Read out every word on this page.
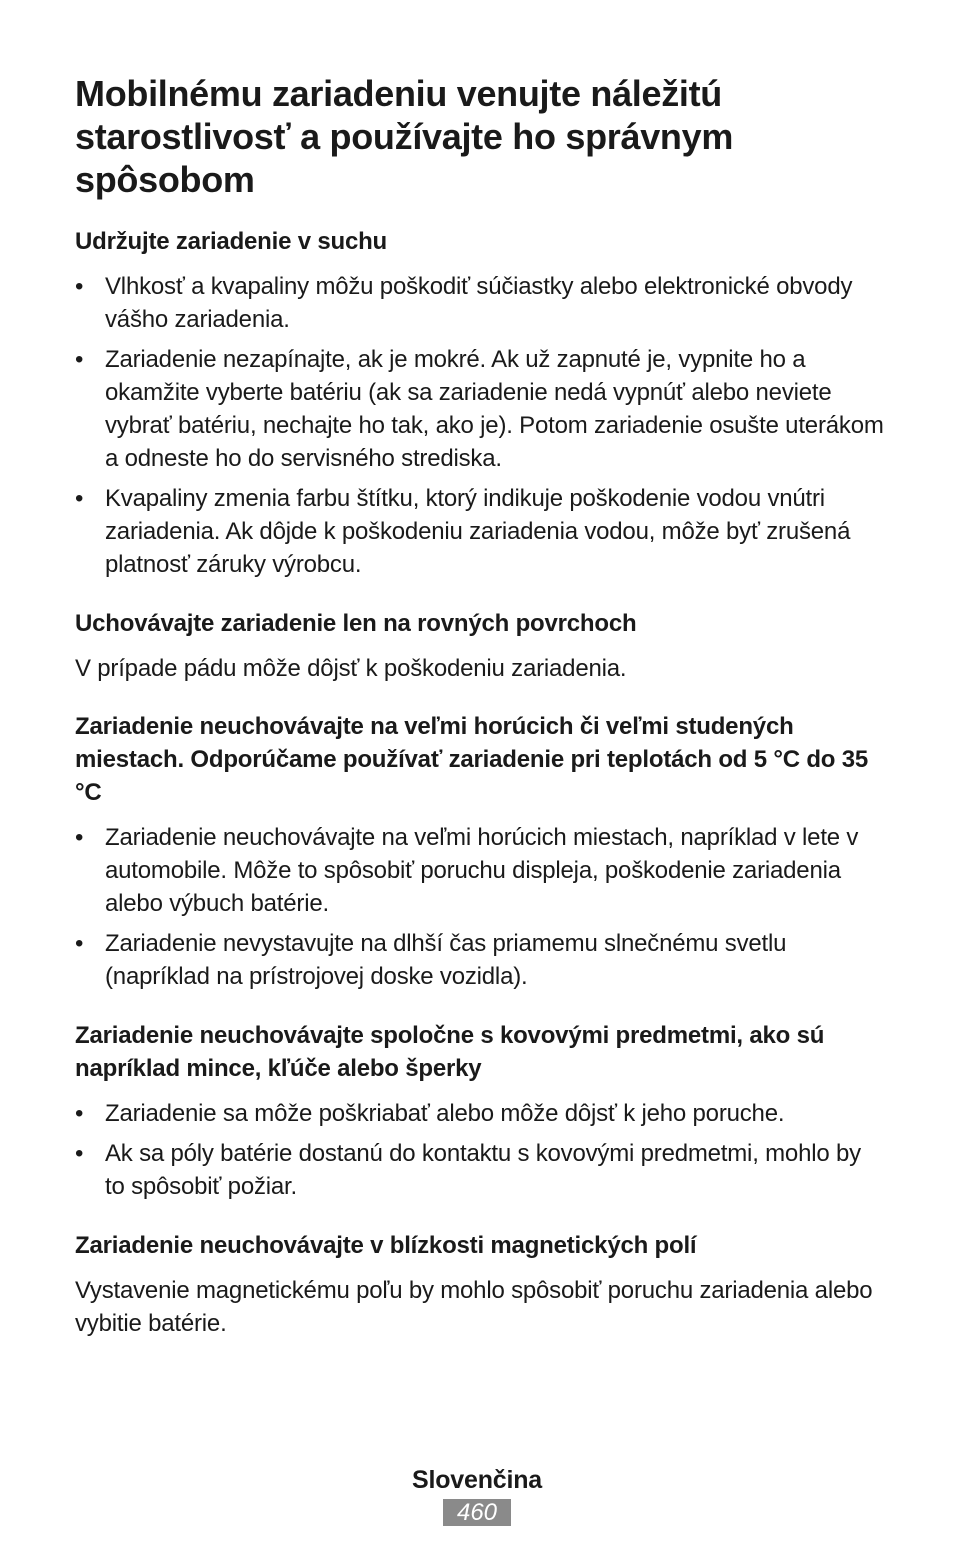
Mobilnému zariadeniu venujte náležitú starostlivosť a používajte ho správnym spôsobom
Udržujte zariadenie v suchu
• Vlhkosť a kvapaliny môžu poškodiť súčiastky alebo elektronické obvody vášho zariadenia.
• Zariadenie nezapínajte, ak je mokré. Ak už zapnuté je, vypnite ho a okamžite vyberte batériu (ak sa zariadenie nedá vypnúť alebo neviete vybrať batériu, nechajte ho tak, ako je). Potom zariadenie osušte uterákom a odneste ho do servisného strediska.
• Kvapaliny zmenia farbu štítku, ktorý indikuje poškodenie vodou vnútri zariadenia. Ak dôjde k poškodeniu zariadenia vodou, môže byť zrušená platnosť záruky výrobcu.
Uchovávajte zariadenie len na rovných povrchoch

V prípade pádu môže dôjsť k poškodeniu zariadenia.

Zariadenie neuchovávajte na veľmi horúcich či veľmi studených miestach. Odporúčame používať zariadenie pri teplotách od 5 °C do 35 °C
• Zariadenie neuchovávajte na veľmi horúcich miestach, napríklad v lete v automobile. Môže to spôsobiť poruchu displeja, poškodenie zariadenia alebo výbuch batérie.
• Zariadenie nevystavujte na dlhší čas priamemu slnečnému svetlu (napríklad na prístrojovej doske vozidla).
Zariadenie neuchovávajte spoločne s kovovými predmetmi, ako sú napríklad mince, kľúče alebo šperky
• Zariadenie sa môže poškriabať alebo môže dôjsť k jeho poruche.
• Ak sa póly batérie dostanú do kontaktu s kovovými predmetmi, mohlo by to spôsobiť požiar.
Zariadenie neuchovávajte v blízkosti magnetických polí

Vystavenie magnetickému poľu by mohlo spôsobiť poruchu zariadenia alebo vybitie batérie.

Slovenčina
460
